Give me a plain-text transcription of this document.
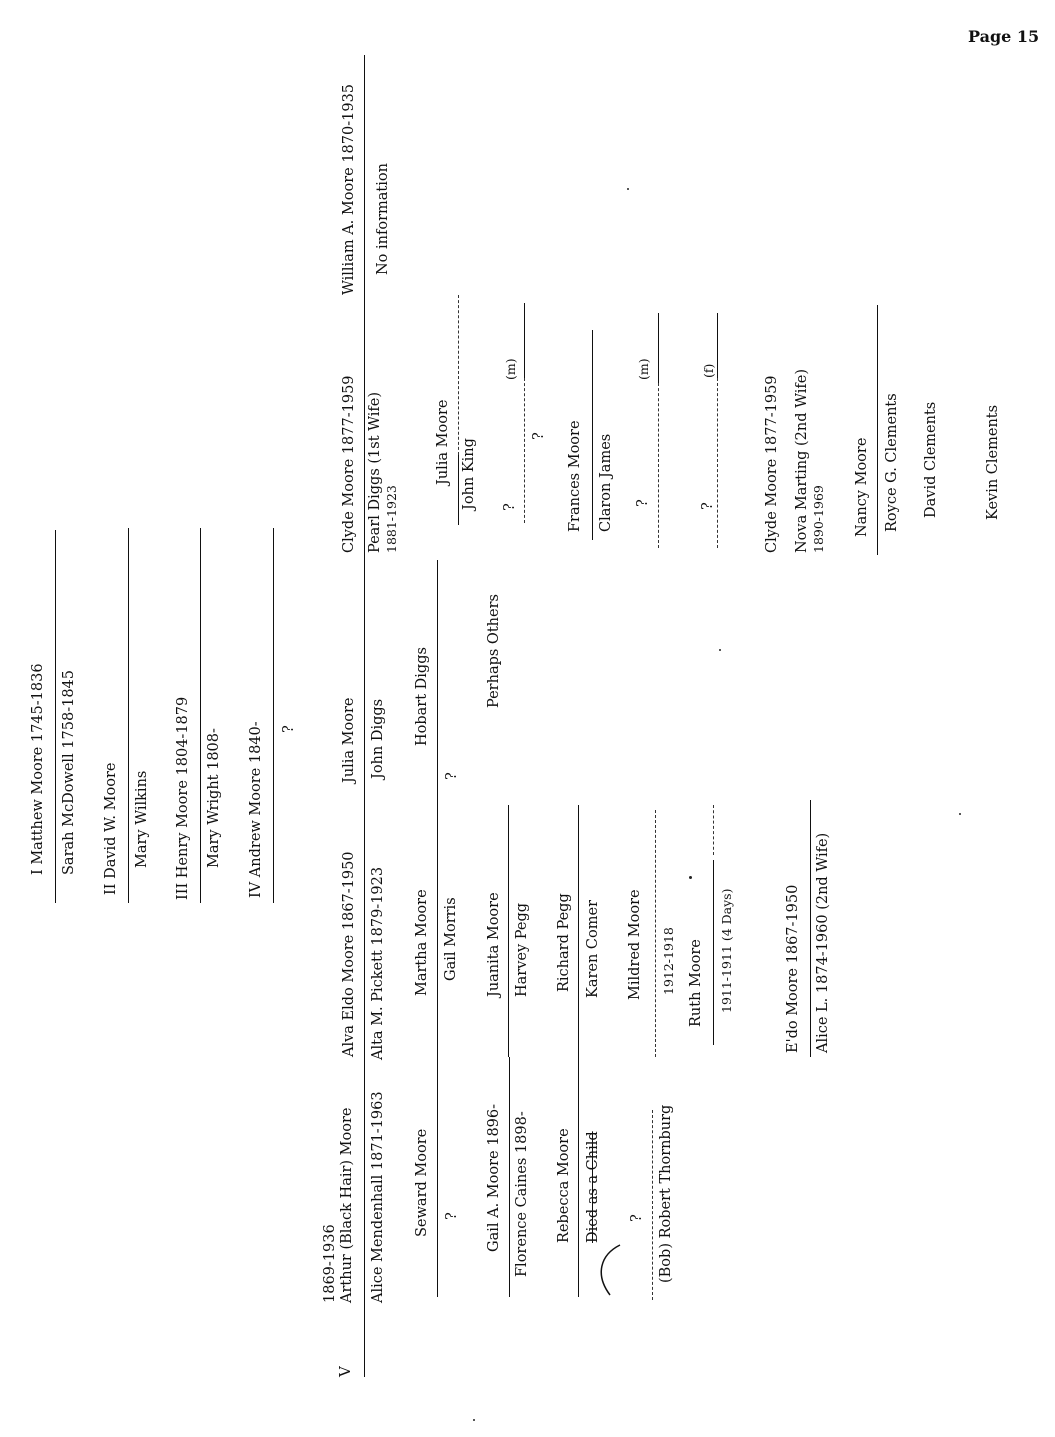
Page 15
I Matthew Moore 1745-1836 Sarah McDowell 1758-1845 II David W. Moore Mary Wilkins III Henry Moore 1804-1879 Mary Wright 1808- IV Andrew Moore 1840- ?
V
1869-1936 Arthur (Black Hair) Moore Alice Mendenhall 1871-1963 Seward Moore ? Gail A. Moore 1896- Florence Caines 1898- Rebecca Moore Died as a Child ? (Bob) Robert Thornburg
Alva Eldo Moore 1867-1950 Alta M. Pickett 1879-1923 Martha Moore Gail Morris Juanita Moore Harvey Pegg Richard Pegg Karen Comer Mildred Moore 1912-1918 Ruth Moore 1911-1911 (4 Days)	E'do Moore 1867-1950 Alice L. 1874-1960 (2nd Wife)
Julia Moore John Diggs Hobart Diggs
?
Perhaps Others
Clyde Moore 1877-1959 Pearl Diggs (1st Wife) 1881-1923
Julia Moore John King ?
(m)
? Frances Moore Claron James ?
(m)
?
(f)
Clyde Moore 1877-1959 Nova Marting (2nd Wife) 1890-1969 Nancy Moore Royce G. Clements David Clements	Kevin Clements
William A. Moore 1870-1935 No information
